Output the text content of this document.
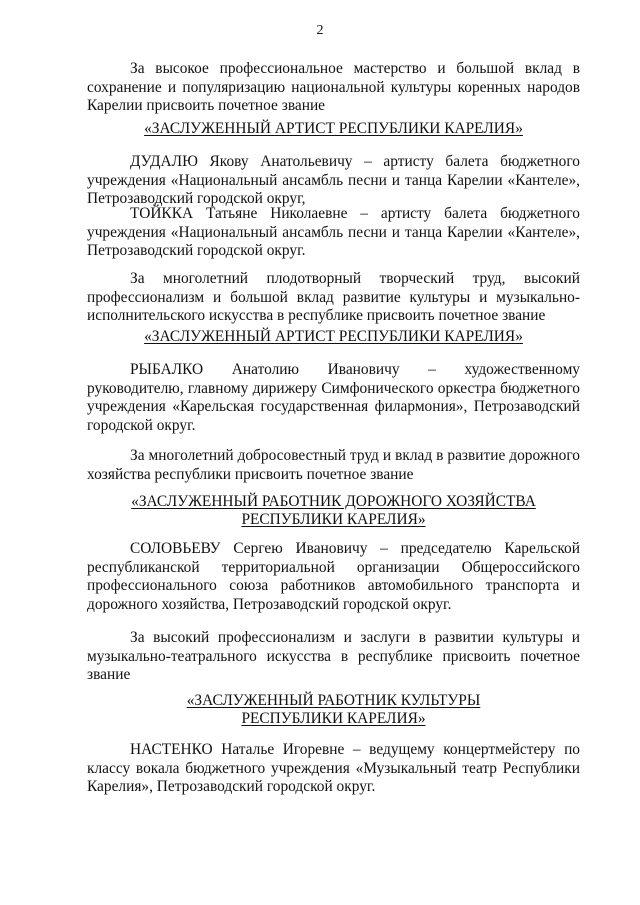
2

За высокое профессиональное мастерство и большой вклад в сохранение и популяризацию национальной культуры коренных народов Карелии присвоить почетное звание

«ЗАСЛУЖЕННЫЙ АРТИСТ РЕСПУБЛИКИ КАРЕЛИЯ»

ДУДАЛЮ Якову Анатольевичу – артисту балета бюджетного учреждения «Национальный ансамбль песни и танца Карелии «Кантеле», Петрозаводский городской округ,

ТОЙККА Татьяне Николаевне – артисту балета бюджетного учреждения «Национальный ансамбль песни и танца Карелии «Кантеле», Петрозаводский городской округ.

За многолетний плодотворный творческий труд, высокий профессионализм и большой вклад развитие культуры и музыкально-исполнительского искусства в республике присвоить почетное звание

«ЗАСЛУЖЕННЫЙ АРТИСТ РЕСПУБЛИКИ КАРЕЛИЯ»

РЫБАЛКО Анатолию Ивановичу – художественному руководителю, главному дирижеру Симфонического оркестра бюджетного учреждения «Карельская государственная филармония», Петрозаводский городской округ.

За многолетний добросовестный труд и вклад в развитие дорожного хозяйства республики присвоить почетное звание

«ЗАСЛУЖЕННЫЙ РАБОТНИК ДОРОЖНОГО ХОЗЯЙСТВА

РЕСПУБЛИКИ КАРЕЛИЯ»

СОЛОВЬЕВУ Сергею Ивановичу – председателю Карельской республиканской территориальной организации Общероссийского профессионального союза работников автомобильного транспорта и дорожного хозяйства, Петрозаводский городской округ.

За высокий профессионализм и заслуги в развитии культуры и музыкально-театрального искусства в республике присвоить почетное звание

«ЗАСЛУЖЕННЫЙ РАБОТНИК КУЛЬТУРЫ

РЕСПУБЛИКИ КАРЕЛИЯ»

НАСТЕНКО Наталье Игоревне – ведущему концертмейстеру по классу вокала бюджетного учреждения «Музыкальный театр Республики Карелия», Петрозаводский городской округ.
